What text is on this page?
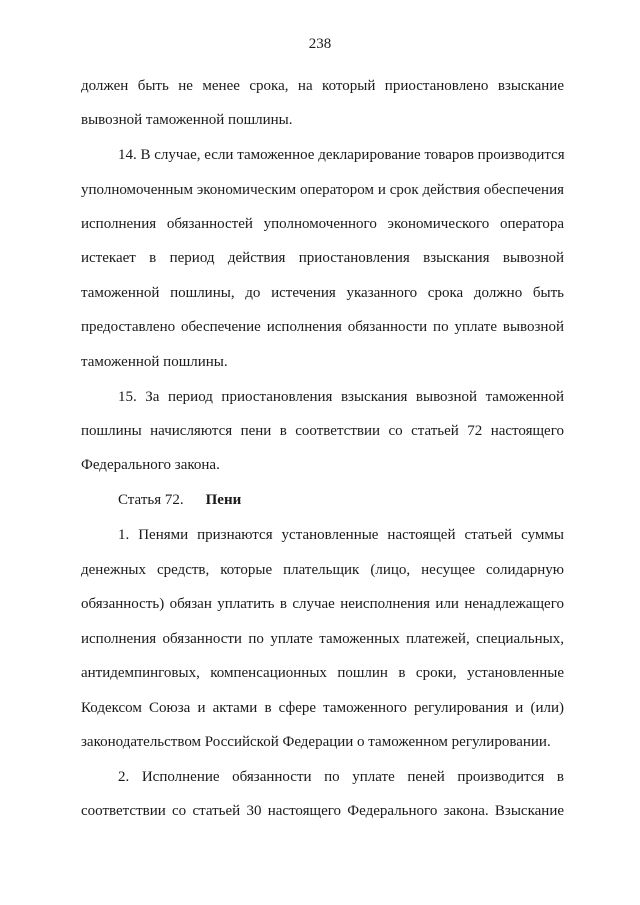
238
должен быть не менее срока, на который приостановлено взыскание
вывозной таможенной пошлины.
14. В случае, если таможенное декларирование товаров производится
уполномоченным экономическим оператором и срок действия обеспечения
исполнения обязанностей уполномоченного экономического оператора
истекает в период действия приостановления взыскания вывозной
таможенной пошлины, до истечения указанного срока должно быть
предоставлено обеспечение исполнения обязанности по уплате вывозной
таможенной пошлины.
15. За период приостановления взыскания вывозной таможенной
пошлины начисляются пени в соответствии со статьей 72 настоящего
Федерального закона.
Статья 72. Пени
1. Пенями признаются установленные настоящей статьей суммы
денежных средств, которые плательщик (лицо, несущее солидарную
обязанность) обязан уплатить в случае неисполнения или ненадлежащего
исполнения обязанности по уплате таможенных платежей, специальных,
антидемпинговых, компенсационных пошлин в сроки, установленные
Кодексом Союза и актами в сфере таможенного регулирования и (или)
законодательством Российской Федерации о таможенном регулировании.
2. Исполнение обязанности по уплате пеней производится в
соответствии со статьей 30 настоящего Федерального закона. Взыскание
